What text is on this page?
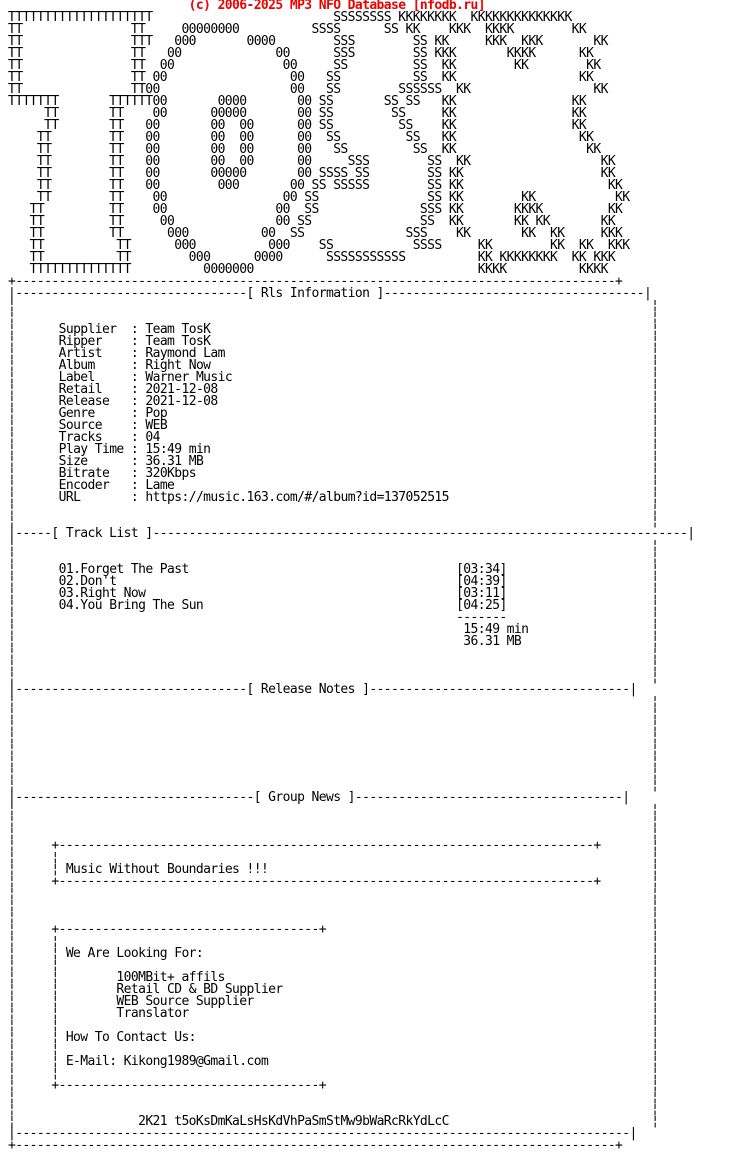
(c) 2006-2025 MP3 NFO Database [nfodb.ru]
TTTTTTTTTTTTTTTTTTTT                         SSSSSSSS KKKKKKKK  KKKKKKKKKKKKKK
TT               TT     00000000          SSSS      SS KK    KKK  KKKK        KK
TT               TTT   000       0000        SSS        SS KK     KKK  KKK       KK
TT               TT   00             00      SSS        SS KKK       KKKK      KK
TT               TT  00               00     SS         SS  KK        KK        KK
TT               TT 00                 00   SS          SS  KK                 KK
TT               TT00                  00   SS        SSSSSS  KK                 KK
TTTTTTT       TTTTTT00       0000       00 SS       SS SS   KK                KK
TT       TT    00      00000       00 SS        SS     KK                KK
TT       TT   00       00  00      00 SS         SS    KK                KK
TT        TT   00       00  00      00  SS         SS   KK                 KK
TT        TT   00       00  00      00   SS         SS  KK                  KK
TT        TT   00       00  00      00     SSS        SS  KK                  KK
TT        TT   00       00000       00 SSSS SS        SS KK                   KK
TT        TT   00        000       00 SS SSSSS        SS KK                    KK
TT        TT    00                00 SS               SS KK        KK           KK
TT         TT    00               00  SS              SSS KK       KKKK         KK
TT         TT     00              00 SS               SS  KK       KK KK       KK
TT         TT      000          00  SS              SSS    KK       KK  KK     KKK
TT          TT      000          000    SS           SSSS     KK        KK  KK  KKK
TT          TT        000      0000      SSSSSSSSSSS          KK KKKKKKKK  KK KKK
TTTTTTTTTTTTTT          0000000                               KKKK          KKKK
+-----------------------------------------------------------------------------------+
|--------------------------------[ Rls Information ]------------------------------------|
¦                                                                                        ¦
¦                                                                                        ¦
¦	Supplier  : Team TosK                                                             ¦
¦	Ripper    : Team TosK                                                             ¦
¦	Artist    : Raymond Lam                                                           ¦
¦	Album     : Right Now                                                             ¦
¦	Label     : Warner Music                                                          ¦
¦	Retail    : 2021-12-08                                                            ¦
¦	Release   : 2021-12-08                                                            ¦
¦	Genre     : Pop                                                                   ¦
¦	Source    : WEB                                                                   ¦
¦	Tracks    : 04                                                                    ¦
¦	Play Time : 15:49 min                                                             ¦
¦	Size      : 36.31 MB                                                              ¦
¦	Bitrate   : 320Kbps                                                               ¦
¦	Encoder   : Lame                                                                  ¦
¦	URL       : https://music.163.com/#/album?id=137052515                            ¦
¦                                                                                        ¦
¦                                                                                        ¦
|-----[ Track List ]--------------------------------------------------------------------------|
¦                                                                                        ¦
¦                                                                                        ¦
¦	01.Forget The Past                                     [03:34]                    ¦
¦	02.Don't                                               [04:39]                    ¦
¦	03.Right Now                                           [03:11]                    ¦
¦	04.You Bring The Sun                                   [04:25]                    ¦
¦	-------                    ¦
¦	15:49 min                 ¦
¦	36.31 MB                  ¦
¦                                                                                        ¦
¦                                                                                        ¦
¦                                                                                        ¦
|--------------------------------[ Release Notes ]------------------------------------|
¦                                                                                        ¦
¦                                                                                        ¦
¦                                                                                        ¦
¦                                                                                        ¦
¦                                                                                        ¦
¦                                                                                        ¦
¦                                                                                        ¦
¦                                                                                        ¦
|---------------------------------[ Group News ]-------------------------------------|
¦                                                                                        ¦
¦                                                                                        ¦
¦                                                                                        ¦
¦	+--------------------------------------------------------------------------+       ¦
¦     ¦                                                                                  ¦
¦     ¦ Music Without Boundaries !!!                                                     ¦
¦	+--------------------------------------------------------------------------+       ¦
¦                                                                                        ¦
¦                                                                                        ¦
¦                                                                                        ¦
¦	+------------------------------------+                                             ¦
¦     ¦                                                                                  ¦
¦     ¦ We Are Looking For:                                                              ¦
¦     ¦                                                                                  ¦
¦     ¦        100MBit+ affils                                                           ¦
¦     ¦        Retail CD & BD Supplier                                                   ¦
¦     ¦        WEB Source Supplier                                                       ¦
¦     ¦        Translator                                                                ¦
¦     ¦                                                                                  ¦
¦     ¦ How To Contact Us:                                                               ¦
¦     ¦                                                                                  ¦
¦     ¦ E-Mail: Kikong1989@Gmail.com                                                     ¦
¦     ¦                                                                                  ¦
¦	+------------------------------------+                                             ¦
¦                                                                                        ¦
¦                                                                                        ¦
¦	2K21 t5oKsDmKaLsHsKdVhPaSmStMw9bWaRcRkYdLcC                            ¦
|-------------------------------------------------------------------------------------|
+-----------------------------------------------------------------------------------+
